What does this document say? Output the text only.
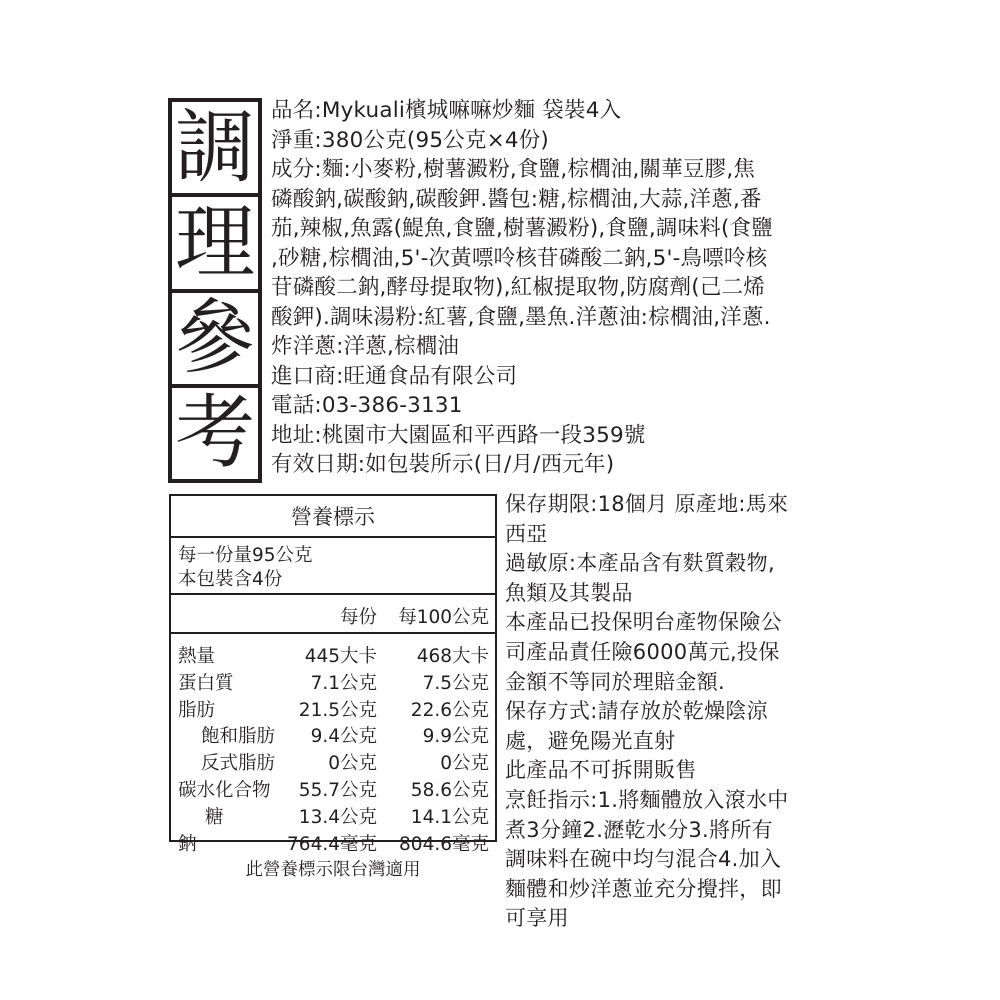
調
理
參
考
品名:Mykuali檳城嘛嘛炒麵 袋裝4入
淨重:380公克(95公克×4份)
成分:麵:小麥粉,樹薯澱粉,食鹽,棕櫚油,關華豆膠,焦
磷酸鈉,碳酸鈉,碳酸鉀.醬包:糖,棕櫚油,大蒜,洋蔥,番
茄,辣椒,魚露(鯷魚,食鹽,樹薯澱粉),食鹽,調味料(食鹽
,砂糖,棕櫚油,5'-次黃嘌呤核苷磷酸二鈉,5'-鳥嘌呤核
苷磷酸二鈉,酵母提取物),紅椒提取物,防腐劑(己二烯
酸鉀).調味湯粉:紅薯,食鹽,墨魚.洋蔥油:棕櫚油,洋蔥.
炸洋蔥:洋蔥,棕櫚油
進口商:旺通食品有限公司
電話:03-386-3131
地址:桃園市大園區和平西路一段359號
有效日期:如包裝所示(日/月/西元年)
營養標示
每一份量95公克
本包裝含4份
每份 每100公克
熱量	445大卡 468大卡
蛋白質	7.1公克 7.5公克
脂肪	21.5公克 22.6公克
飽和脂肪 9.4公克 9.9公克
反式脂肪	0公克	0公克
碳水化合物 55.7公克 58.6公克
糖	13.4公克 14.1公克
鈉	764.4毫克 804.6毫克
此營養標示限台灣適用
保存期限:18個月 原產地:馬來
西亞
過敏原:本產品含有麩質穀物,
魚類及其製品
本產品已投保明台產物保險公
司產品責任險6000萬元,投保
金額不等同於理賠金額.
保存方式:請存放於乾燥陰涼
處，避免陽光直射
此產品不可拆開販售
烹飪指示:1.將麵體放入滾水中
煮3分鐘2.瀝乾水分3.將所有
調味料在碗中均勻混合4.加入
麵體和炒洋蔥並充分攪拌，即
可享用
